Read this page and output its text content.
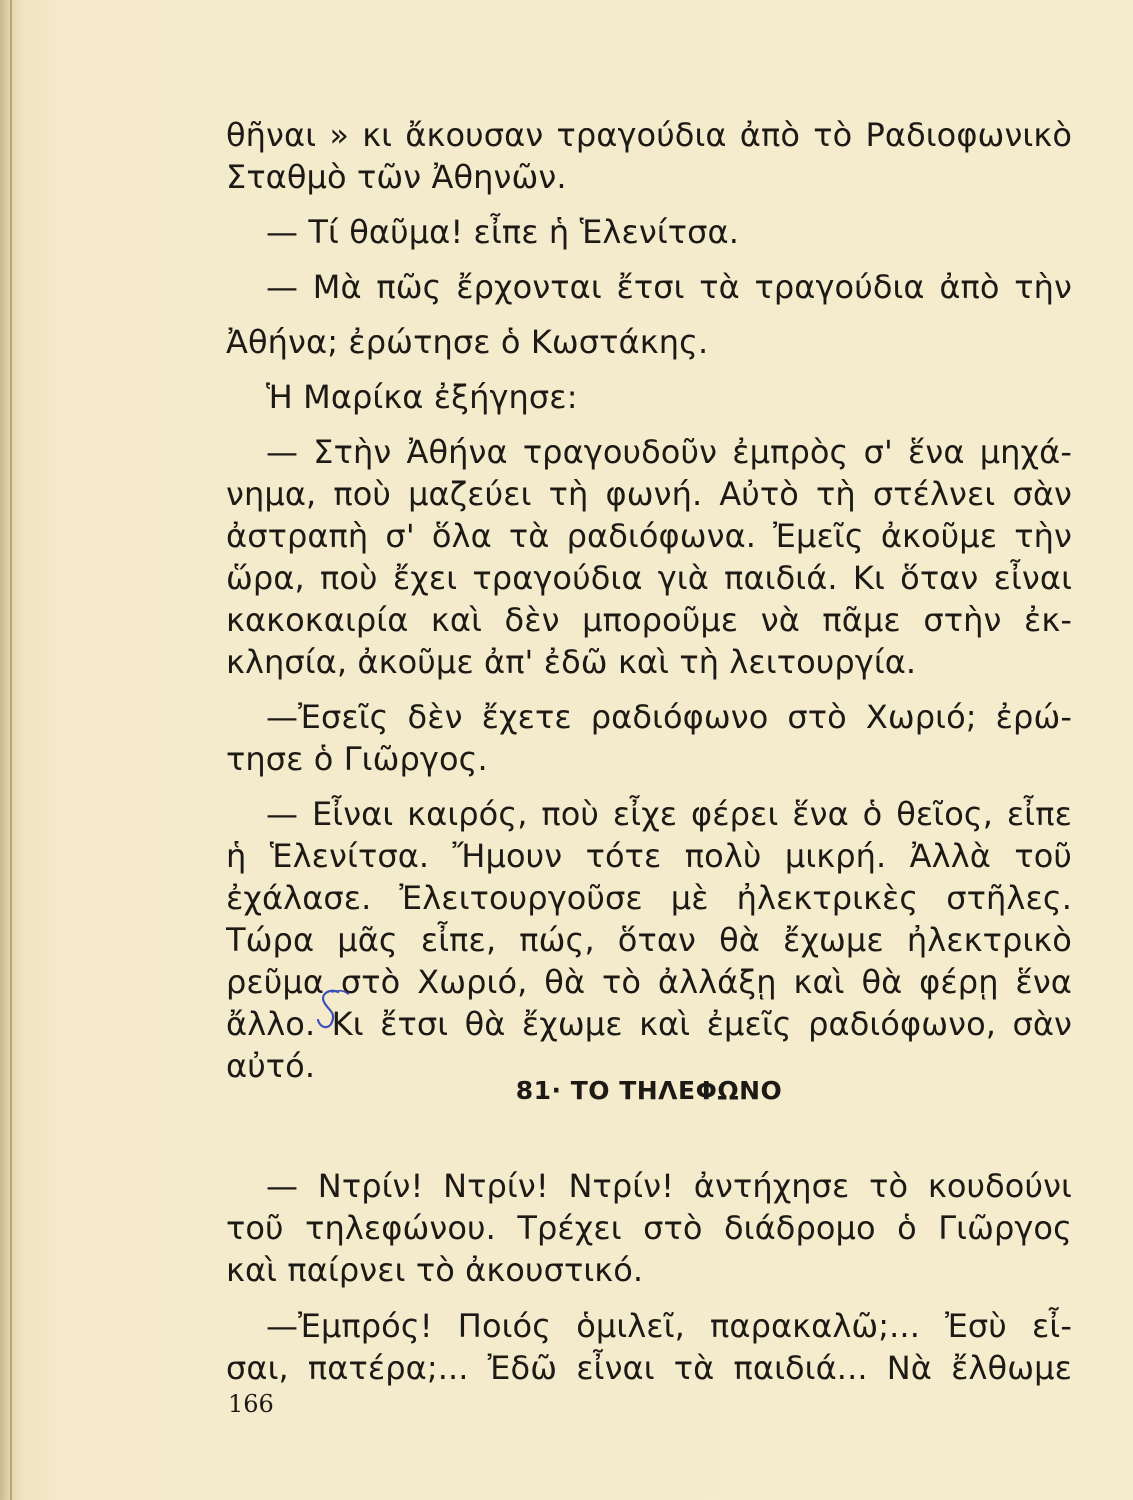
θῆναι » κι ἄκουσαν τραγούδια ἀπὸ τὸ Ραδιοφωνικὸ
Σταθμὸ τῶν Ἀθηνῶν.
— Τί θαῦμα! εἶπε ἡ Ἑλενίτσα.
— Μὰ πῶς ἔρχονται ἔτσι τὰ τραγούδια ἀπὸ τὴν
Ἀθήνα; ἐρώτησε ὁ Κωστάκης.
Ἡ Μαρίκα ἐξήγησε:
— Στὴν Ἀθήνα τραγουδοῦν ἐμπρὸς σ' ἕνα μηχά-
νημα, ποὺ μαζεύει τὴ φωνή. Αὐτὸ τὴ στέλνει σὰν
ἀστραπὴ σ' ὅλα τὰ ραδιόφωνα. Ἐμεῖς ἀκοῦμε τὴν
ὥρα, ποὺ ἔχει τραγούδια γιὰ παιδιά. Κι ὅταν εἶναι
κακοκαιρία καὶ δὲν μποροῦμε νὰ πᾶμε στὴν ἐκ-
κλησία, ἀκοῦμε ἀπ' ἐδῶ καὶ τὴ λειτουργία.
—Ἐσεῖς δὲν ἔχετε ραδιόφωνο στὸ Χωριό; ἐρώ-
τησε ὁ Γιῶργος.
— Εἶναι καιρός, ποὺ εἶχε φέρει ἕνα ὁ θεῖος, εἶπε
ἡ Ἑλενίτσα. Ἤμουν τότε πολὺ μικρή. Ἀλλὰ τοῦ
ἐχάλασε. Ἐλειτουργοῦσε μὲ ἠλεκτρικὲς στῆλες.
Τώρα μᾶς εἶπε, πώς, ὅταν θὰ ἔχωμε ἠλεκτρικὸ
ρεῦμα στὸ Χωριό, θὰ τὸ ἀλλάξῃ καὶ θὰ φέρῃ ἕνα
ἄλλο. Κι ἔτσι θὰ ἔχωμε καὶ ἐμεῖς ραδιόφωνο, σὰν
αὐτό.
81· ΤΟ ΤΗΛΕΦΩΝΟ
— Ντρίν! Ντρίν! Ντρίν! ἀντήχησε τὸ κουδούνι
τοῦ τηλεφώνου. Τρέχει στὸ διάδρομο ὁ Γιῶργος
καὶ παίρνει τὸ ἀκουστικό.
—Ἐμπρός! Ποιός ὁμιλεῖ, παρακαλῶ;... Ἐσὺ εἶ-
σαι, πατέρα;... Ἐδῶ εἶναι τὰ παιδιά... Νὰ ἔλθωμε
166
